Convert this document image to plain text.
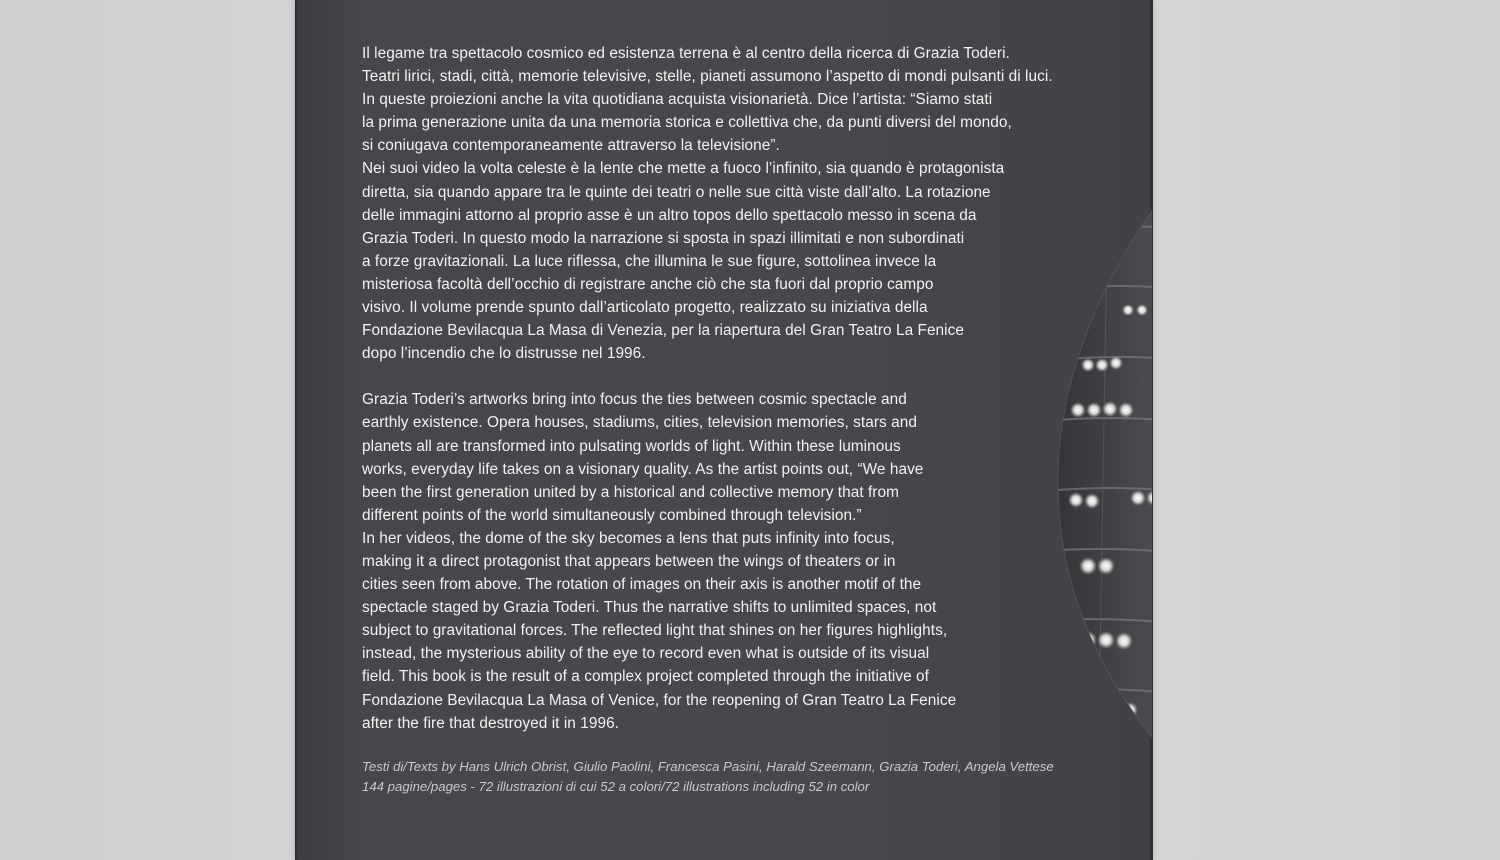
Il legame tra spettacolo cosmico ed esistenza terrena è al centro della ricerca di Grazia Toderi.
Teatri lirici, stadi, città, memorie televisive, stelle, pianeti assumono l’aspetto di mondi pulsanti di luci.
In queste proiezioni anche la vita quotidiana acquista visionarietà. Dice l’artista: “Siamo stati
la prima generazione unita da una memoria storica e collettiva che, da punti diversi del mondo,
si coniugava contemporaneamente attraverso la televisione”.
Nei suoi video la volta celeste è la lente che mette a fuoco l’infinito, sia quando è protagonista
diretta, sia quando appare tra le quinte dei teatri o nelle sue città viste dall’alto. La rotazione
delle immagini attorno al proprio asse è un altro topos dello spettacolo messo in scena da
Grazia Toderi. In questo modo la narrazione si sposta in spazi illimitati e non subordinati
a forze gravitazionali. La luce riflessa, che illumina le sue figure, sottolinea invece la
misteriosa facoltà dell’occhio di registrare anche ciò che sta fuori dal proprio campo
visivo. Il volume prende spunto dall’articolato progetto, realizzato su iniziativa della
Fondazione Bevilacqua La Masa di Venezia, per la riapertura del Gran Teatro La Fenice
dopo l’incendio che lo distrusse nel 1996.
Grazia Toderi’s artworks bring into focus the ties between cosmic spectacle and
earthly existence. Opera houses, stadiums, cities, television memories, stars and
planets all are transformed into pulsating worlds of light. Within these luminous
works, everyday life takes on a visionary quality. As the artist points out, “We have
been the first generation united by a historical and collective memory that from
different points of the world simultaneously combined through television.”
In her videos, the dome of the sky becomes a lens that puts infinity into focus,
making it a direct protagonist that appears between the wings of theaters or in
cities seen from above. The rotation of images on their axis is another motif of the
spectacle staged by Grazia Toderi. Thus the narrative shifts to unlimited spaces, not
subject to gravitational forces. The reflected light that shines on her figures highlights,
instead, the mysterious ability of the eye to record even what is outside of its visual
field. This book is the result of a complex project completed through the initiative of
Fondazione Bevilacqua La Masa of Venice, for the reopening of Gran Teatro La Fenice
after the fire that destroyed it in 1996.
Testi di/Texts by Hans Ulrich Obrist, Giulio Paolini, Francesca Pasini, Harald Szeemann, Grazia Toderi, Angela Vettese
144 pagine/pages - 72 illustrazioni di cui 52 a colori/72 illustrations including 52 in color
